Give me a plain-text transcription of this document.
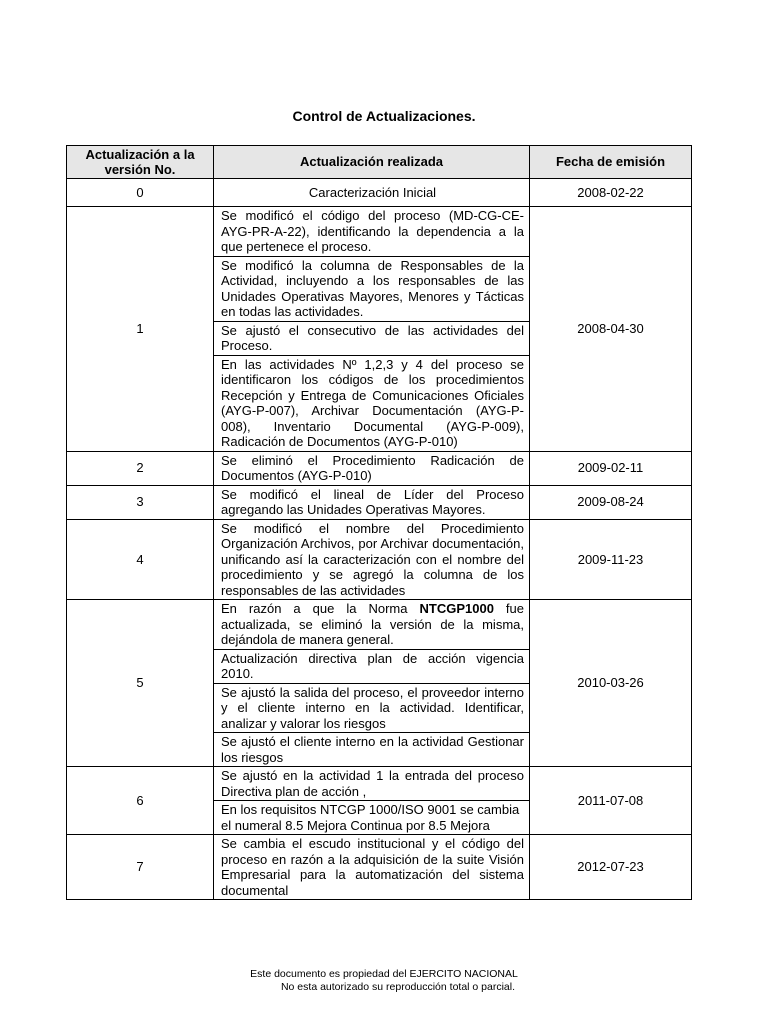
Control de Actualizaciones.
Actualización a la versión No.	Actualización realizada	Fecha de emisión
0	Caracterización Inicial	2008-02-22
1	Se modificó el código del proceso (MD-CG-CE-AYG-PR-A-22), identificando la dependencia a la que pertenece el proceso.
Se modificó la columna de Responsables de la Actividad, incluyendo a los responsables de las Unidades Operativas Mayores, Menores y Tácticas en todas las actividades.
Se ajustó el consecutivo de las actividades del Proceso.
En las actividades Nº 1,2,3 y 4 del proceso se identificaron los códigos de los procedimientos Recepción y Entrega de Comunicaciones Oficiales (AYG-P-007), Archivar Documentación (AYG-P-008), Inventario Documental (AYG-P-009), Radicación de Documentos (AYG-P-010)	2008-04-30
2	Se eliminó el Procedimiento Radicación de Documentos (AYG-P-010)	2009-02-11
3	Se modificó el lineal de Líder del Proceso agregando las Unidades Operativas Mayores.	2009-08-24
4	Se modificó el nombre del Procedimiento Organización Archivos, por Archivar documentación, unificando así la caracterización con el nombre del procedimiento y se agregó la columna de los responsables de las actividades	2009-11-23
5	En razón a que la Norma NTCGP1000 fue actualizada, se eliminó la versión de la misma, dejándola de manera general.
Actualización directiva plan de acción vigencia 2010.
Se ajustó la salida del proceso, el proveedor interno y el cliente interno en la actividad. Identificar, analizar y valorar los riesgos
Se ajustó el cliente interno en la actividad Gestionar los riesgos	2010-03-26
6	Se ajustó en la actividad 1 la entrada del proceso Directiva plan de acción ,
En los requisitos NTCGP 1000/ISO 9001 se cambia el numeral 8.5 Mejora Continua por 8.5 Mejora	2011-07-08
7	Se cambia el escudo institucional y el código del proceso en razón a la adquisición de la suite Visión Empresarial para la automatización del sistema documental	2012-07-23
Este documento es propiedad del EJERCITO NACIONAL
No esta autorizado su reproducción total o parcial.
